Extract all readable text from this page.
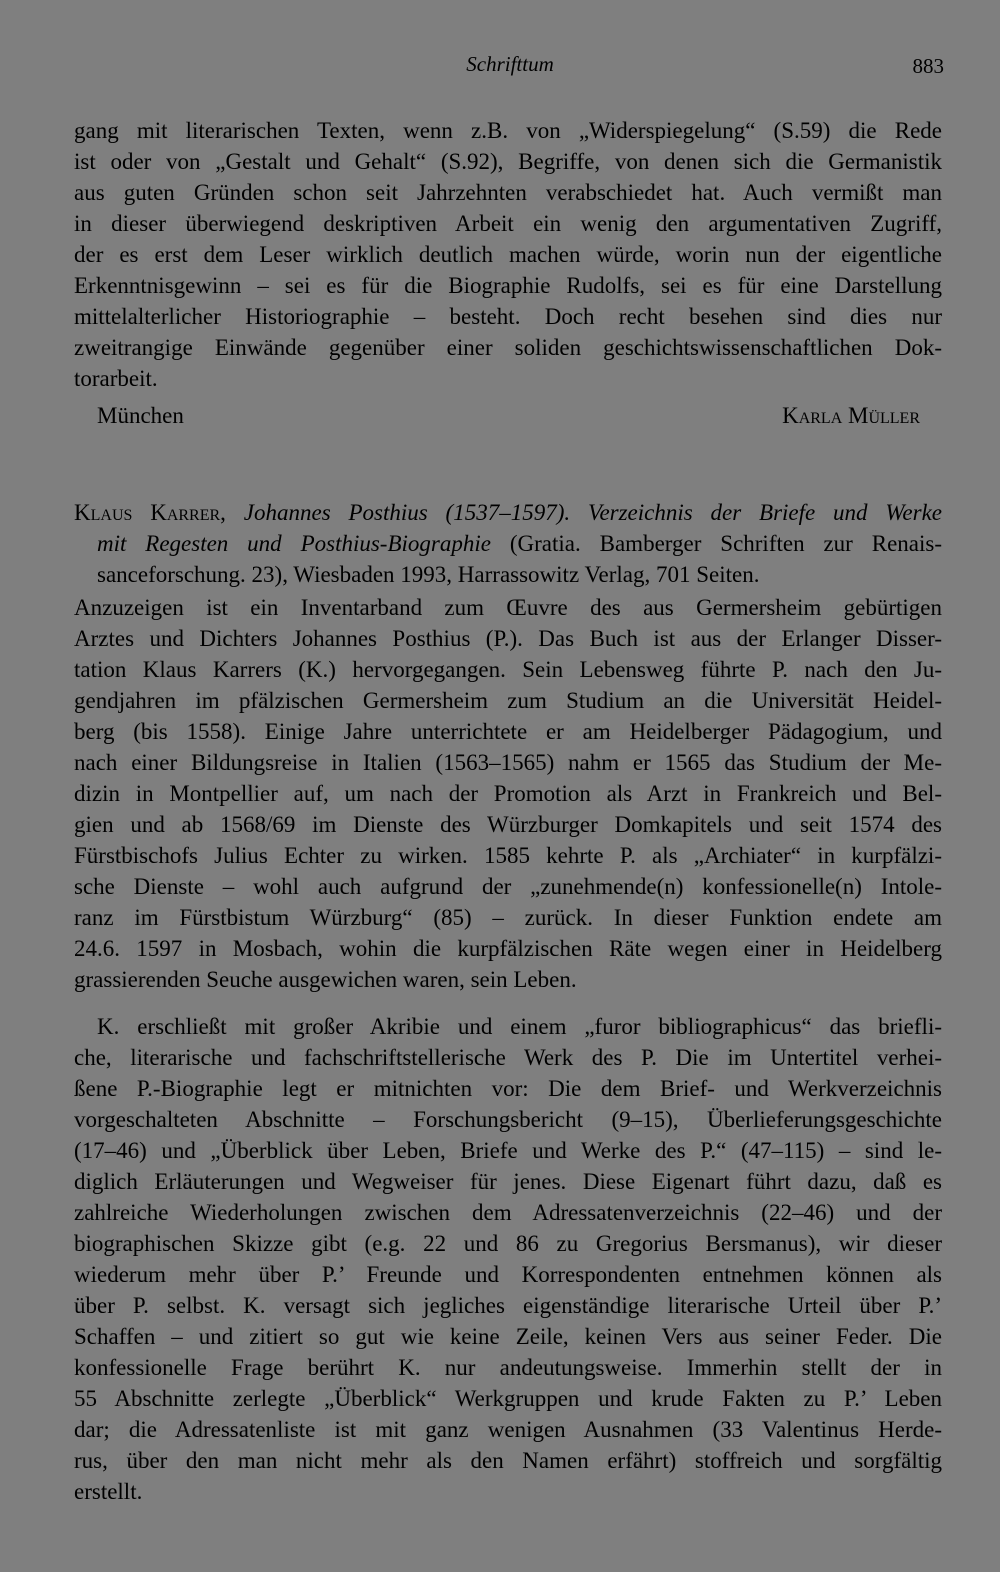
Schrifttum	883
gang mit literarischen Texten, wenn z.B. von „Widerspiegelung“ (S.59) die Rede
ist oder von „Gestalt und Gehalt“ (S.92), Begriffe, von denen sich die Germanistik
aus guten Gründen schon seit Jahrzehnten verabschiedet hat. Auch vermißt man
in dieser überwiegend deskriptiven Arbeit ein wenig den argumentativen Zugriff,
der es erst dem Leser wirklich deutlich machen würde, worin nun der eigentliche
Erkenntnisgewinn – sei es für die Biographie Rudolfs, sei es für eine Darstellung
mittelalterlicher Historiographie – besteht. Doch recht besehen sind dies nur
zweitrangige Einwände gegenüber einer soliden geschichtswissenschaftlichen Dok-
torarbeit.
München	Karla Müller
Klaus Karrer, Johannes Posthius (1537–1597). Verzeichnis der Briefe und Werke
mit Regesten und Posthius-Biographie (Gratia. Bamberger Schriften zur Renais-
sanceforschung. 23), Wiesbaden 1993, Harrassowitz Verlag, 701 Seiten.
Anzuzeigen ist ein Inventarband zum Œuvre des aus Germersheim gebürtigen
Arztes und Dichters Johannes Posthius (P.). Das Buch ist aus der Erlanger Disser-
tation Klaus Karrers (K.) hervorgegangen. Sein Lebensweg führte P. nach den Ju-
gendjahren im pfälzischen Germersheim zum Studium an die Universität Heidel-
berg (bis 1558). Einige Jahre unterrichtete er am Heidelberger Pädagogium, und
nach einer Bildungsreise in Italien (1563–1565) nahm er 1565 das Studium der Me-
dizin in Montpellier auf, um nach der Promotion als Arzt in Frankreich und Bel-
gien und ab 1568/69 im Dienste des Würzburger Domkapitels und seit 1574 des
Fürstbischofs Julius Echter zu wirken. 1585 kehrte P. als „Archiater“ in kurpfälzi-
sche Dienste – wohl auch aufgrund der „zunehmende(n) konfessionelle(n) Intole-
ranz im Fürstbistum Würzburg“ (85) – zurück. In dieser Funktion endete am
24.6. 1597 in Mosbach, wohin die kurpfälzischen Räte wegen einer in Heidelberg
grassierenden Seuche ausgewichen waren, sein Leben.
K. erschließt mit großer Akribie und einem „furor bibliographicus“ das briefli-
che, literarische und fachschriftstellerische Werk des P. Die im Untertitel verhei-
ßene P.-Biographie legt er mitnichten vor: Die dem Brief- und Werkverzeichnis
vorgeschalteten Abschnitte – Forschungsbericht (9–15), Überlieferungsgeschichte
(17–46) und „Überblick über Leben, Briefe und Werke des P.“ (47–115) – sind le-
diglich Erläuterungen und Wegweiser für jenes. Diese Eigenart führt dazu, daß es
zahlreiche Wiederholungen zwischen dem Adressatenverzeichnis (22–46) und der
biographischen Skizze gibt (e.g. 22 und 86 zu Gregorius Bersmanus), wir dieser
wiederum mehr über P.’ Freunde und Korrespondenten entnehmen können als
über P. selbst. K. versagt sich jegliches eigenständige literarische Urteil über P.’
Schaffen – und zitiert so gut wie keine Zeile, keinen Vers aus seiner Feder. Die
konfessionelle Frage berührt K. nur andeutungsweise. Immerhin stellt der in
55 Abschnitte zerlegte „Überblick“ Werkgruppen und krude Fakten zu P.’ Leben
dar; die Adressatenliste ist mit ganz wenigen Ausnahmen (33 Valentinus Herde-
rus, über den man nicht mehr als den Namen erfährt) stoffreich und sorgfältig
erstellt.
